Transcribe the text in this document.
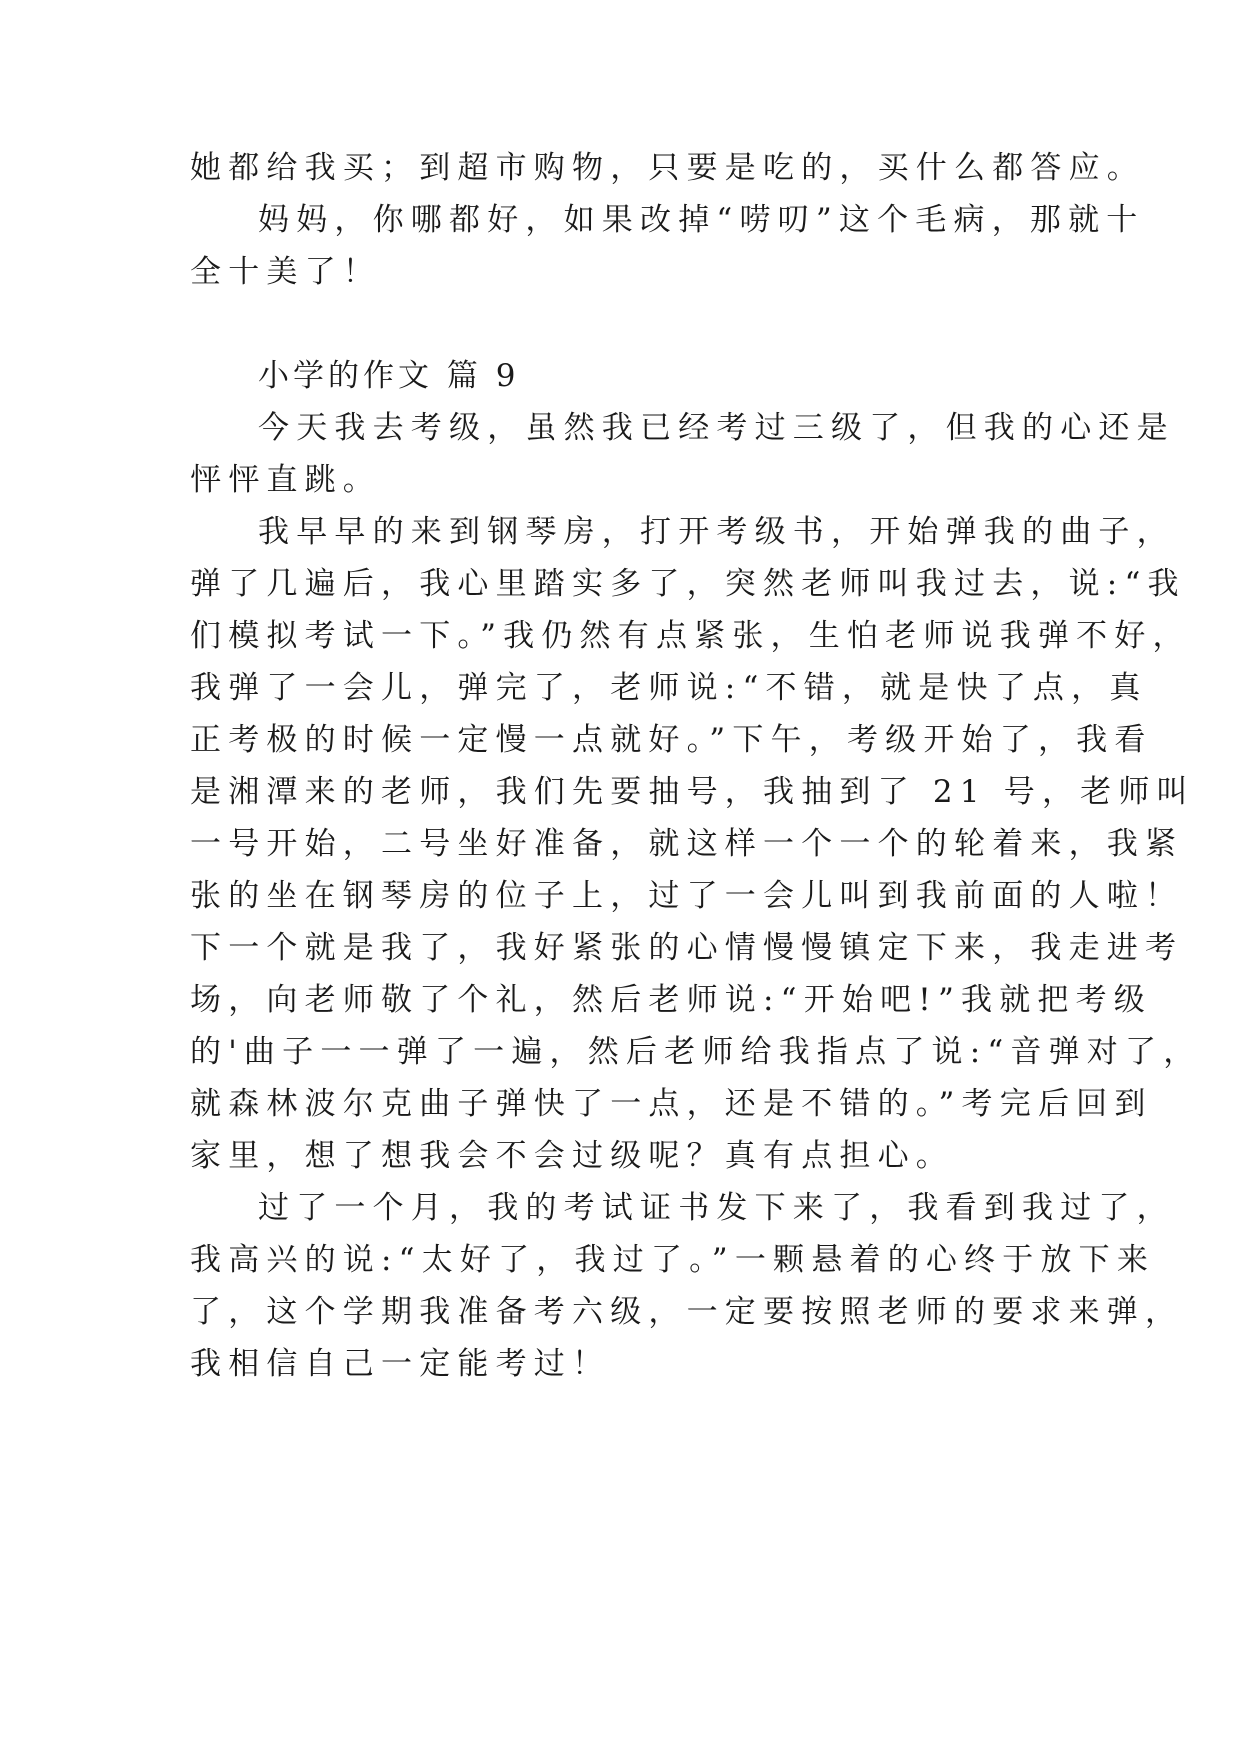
她都给我买；到超市购物，只要是吃的，买什么都答应。
妈妈，你哪都好，如果改掉“唠叨”这个毛病，那就十
全十美了！
小学的作文 篇 9
今天我去考级，虽然我已经考过三级了，但我的心还是
怦怦直跳。
我早早的来到钢琴房，打开考级书，开始弹我的曲子，
弹了几遍后，我心里踏实多了，突然老师叫我过去，说:“我
们模拟考试一下。”我仍然有点紧张，生怕老师说我弹不好，
我弹了一会儿，弹完了，老师说:“不错，就是快了点，真
正考极的时候一定慢一点就好。”下午，考级开始了，我看
是湘潭来的老师，我们先要抽号，我抽到了 21 号，老师叫
一号开始，二号坐好准备，就这样一个一个的轮着来，我紧
张的坐在钢琴房的位子上，过了一会儿叫到我前面的人啦！
下一个就是我了，我好紧张的心情慢慢镇定下来，我走进考
场，向老师敬了个礼，然后老师说:“开始吧!”我就把考级
的'曲子一一弹了一遍，然后老师给我指点了说:“音弹对了，
就森林波尔克曲子弹快了一点，还是不错的。”考完后回到
家里，想了想我会不会过级呢？真有点担心。
过了一个月，我的考试证书发下来了，我看到我过了，
我高兴的说:“太好了，我过了。”一颗悬着的心终于放下来
了，这个学期我准备考六级，一定要按照老师的要求来弹，
我相信自己一定能考过！
